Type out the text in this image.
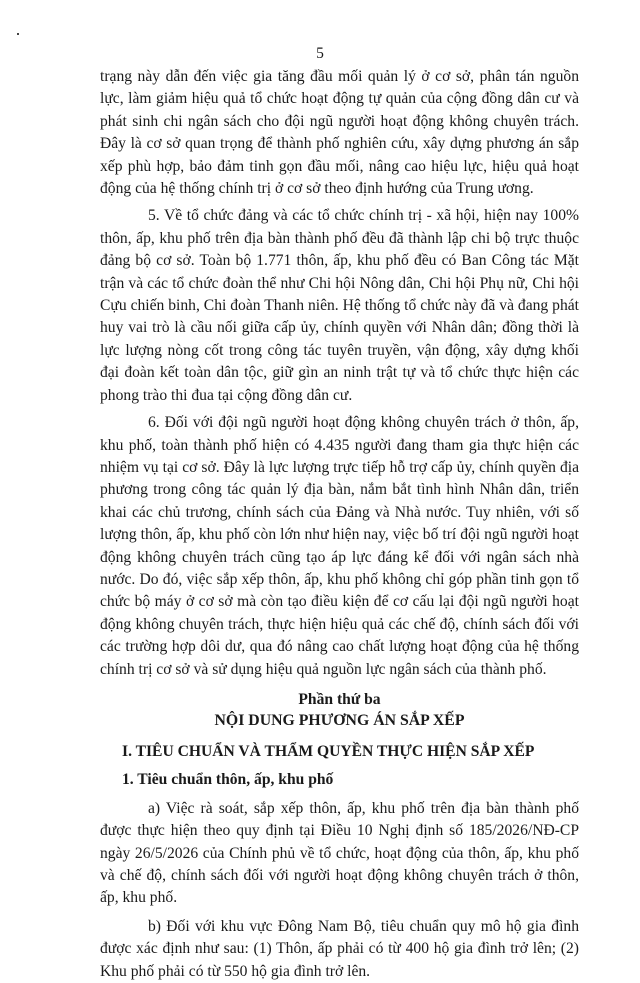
5

trạng này dẫn đến việc gia tăng đầu mối quản lý ở cơ sở, phân tán nguồn lực, làm giảm hiệu quả tổ chức hoạt động tự quản của cộng đồng dân cư và phát sinh chi ngân sách cho đội ngũ người hoạt động không chuyên trách. Đây là cơ sở quan trọng để thành phố nghiên cứu, xây dựng phương án sắp xếp phù hợp, bảo đảm tinh gọn đầu mối, nâng cao hiệu lực, hiệu quả hoạt động của hệ thống chính trị ở cơ sở theo định hướng của Trung ương.

5. Về tổ chức đảng và các tổ chức chính trị - xã hội, hiện nay 100% thôn, ấp, khu phố trên địa bàn thành phố đều đã thành lập chi bộ trực thuộc đảng bộ cơ sở. Toàn bộ 1.771 thôn, ấp, khu phố đều có Ban Công tác Mặt trận và các tổ chức đoàn thể như Chi hội Nông dân, Chi hội Phụ nữ, Chi hội Cựu chiến binh, Chi đoàn Thanh niên. Hệ thống tổ chức này đã và đang phát huy vai trò là cầu nối giữa cấp ủy, chính quyền với Nhân dân; đồng thời là lực lượng nòng cốt trong công tác tuyên truyền, vận động, xây dựng khối đại đoàn kết toàn dân tộc, giữ gìn an ninh trật tự và tổ chức thực hiện các phong trào thi đua tại cộng đồng dân cư.

6. Đối với đội ngũ người hoạt động không chuyên trách ở thôn, ấp, khu phố, toàn thành phố hiện có 4.435 người đang tham gia thực hiện các nhiệm vụ tại cơ sở. Đây là lực lượng trực tiếp hỗ trợ cấp ủy, chính quyền địa phương trong công tác quản lý địa bàn, nắm bắt tình hình Nhân dân, triển khai các chủ trương, chính sách của Đảng và Nhà nước. Tuy nhiên, với số lượng thôn, ấp, khu phố còn lớn như hiện nay, việc bố trí đội ngũ người hoạt động không chuyên trách cũng tạo áp lực đáng kể đối với ngân sách nhà nước. Do đó, việc sắp xếp thôn, ấp, khu phố không chỉ góp phần tinh gọn tổ chức bộ máy ở cơ sở mà còn tạo điều kiện để cơ cấu lại đội ngũ người hoạt động không chuyên trách, thực hiện hiệu quả các chế độ, chính sách đối với các trường hợp dôi dư, qua đó nâng cao chất lượng hoạt động của hệ thống chính trị cơ sở và sử dụng hiệu quả nguồn lực ngân sách của thành phố.

Phần thứ ba

NỘI DUNG PHƯƠNG ÁN SẮP XẾP

I. TIÊU CHUẨN VÀ THẨM QUYỀN THỰC HIỆN SẮP XẾP

1. Tiêu chuẩn thôn, ấp, khu phố

a) Việc rà soát, sắp xếp thôn, ấp, khu phố trên địa bàn thành phố được thực hiện theo quy định tại Điều 10 Nghị định số 185/2026/NĐ-CP ngày 26/5/2026 của Chính phủ về tổ chức, hoạt động của thôn, ấp, khu phố và chế độ, chính sách đối với người hoạt động không chuyên trách ở thôn, ấp, khu phố.

b) Đối với khu vực Đông Nam Bộ, tiêu chuẩn quy mô hộ gia đình được xác định như sau: (1) Thôn, ấp phải có từ 400 hộ gia đình trở lên; (2) Khu phố phải có từ 550 hộ gia đình trở lên.
